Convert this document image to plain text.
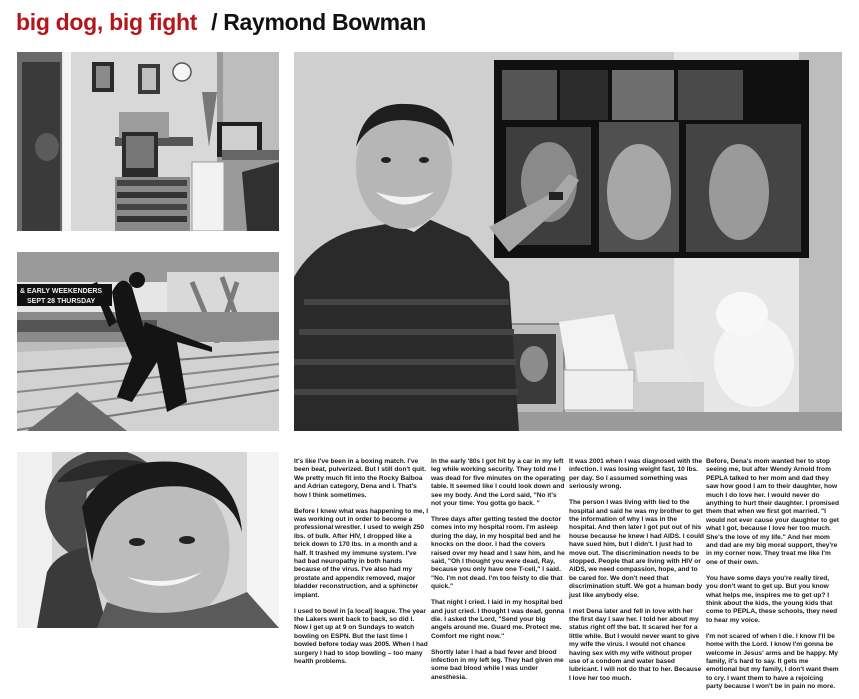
big dog, big fight / Raymond Bowman
& EARLY WEEKENDERS
SEPT 28 THURSDAY

It's like I've been in a boxing match. I've been beat, pulverized. But I still don't quit. We pretty much fit into the Rocky Balboa and Adrian category, Dena and I. That's how I think sometimes.

Before I knew what was happening to me, I was working out in order to become a professional wrestler. I used to weigh 250 lbs. of bulk. After HIV, I dropped like a brick down to 170 lbs. in a month and a half. It trashed my immune system. I've had bad neuropathy in both hands because of the virus. I've also had my prostate and appendix removed, major bladder reconstruction, and a sphincter implant.

I used to bowl in [a local] league. The year the Lakers went back to back, so did I. Now I get up at 9 on Sundays to watch bowling on ESPN. But the last time I bowled before today was 2005. When I had surgery I had to stop bowling – too many health problems.

In the early '80s I got hit by a car in my left leg while working security. They told me I was dead for five minutes on the operating table. It seemed like I could look down and see my body. And the Lord said, "No it's not your time. You gotta go back. "

Three days after getting tested the doctor comes into my hospital room. I'm asleep during the day, in my hospital bed and he knocks on the door. I had the covers raised over my head and I saw him, and he said, "Oh I thought you were dead, Ray, because you only have one T-cell," I said. "No. I'm not dead. I'm too feisty to die that quick."

That night I cried. I laid in my hospital bed and just cried. I thought I was dead, gonna die. I asked the Lord, "Send your big angels around me. Guard me. Protect me. Comfort me right now."

Shortly later I had a bad fever and blood infection in my left leg. They had given me some bad blood while I was under anesthesia.

It was 2001 when I was diagnosed with the infection. I was losing weight fast, 10 lbs. per day. So I assumed something was seriously wrong.

The person I was living with lied to the hospital and said he was my brother to get the information of why I was in the hospital. And then later I got put out of his house because he knew I had AIDS. I could have sued him, but I didn't. I just had to move out. The discrimination needs to be stopped. People that are living with HIV or AIDS, we need compassion, hope, and to be cared for. We don't need that discrimination stuff. We got a human body just like anybody else.

I met Dena later and fell in love with her the first day I saw her. I told her about my status right off the bat. It scared her for a little while. But I would never want to give my wife the virus. I would not chance having sex with my wife without proper use of a condom and water based lubricant. I will not do that to her. Because I love her too much.

Before, Dena's mom wanted her to stop seeing me, but after Wendy Arnold from PEPLA talked to her mom and dad they saw how good I am to their daughter, how much I do love her. I would never do anything to hurt their daughter. I promised them that when we first got married. "I would not ever cause your daughter to get what I got, because I love her too much. She's the love of my life." And her mom and dad are my big moral support, they're in my corner now. They treat me like I'm one of their own.

You have some days you're really tired, you don't want to get up. But you know what helps me, inspires me to get up? I think about the kids, the young kids that come to PEPLA, these schools, they need to hear my voice.

I'm not scared of when I die. I know I'll be home with the Lord. I know I'm gonna be welcome in Jesus' arms and be happy. My family, it's hard to say. It gets me emotional but my family, I don't want them to cry. I want them to have a rejoicing party because I won't be in pain no more.
